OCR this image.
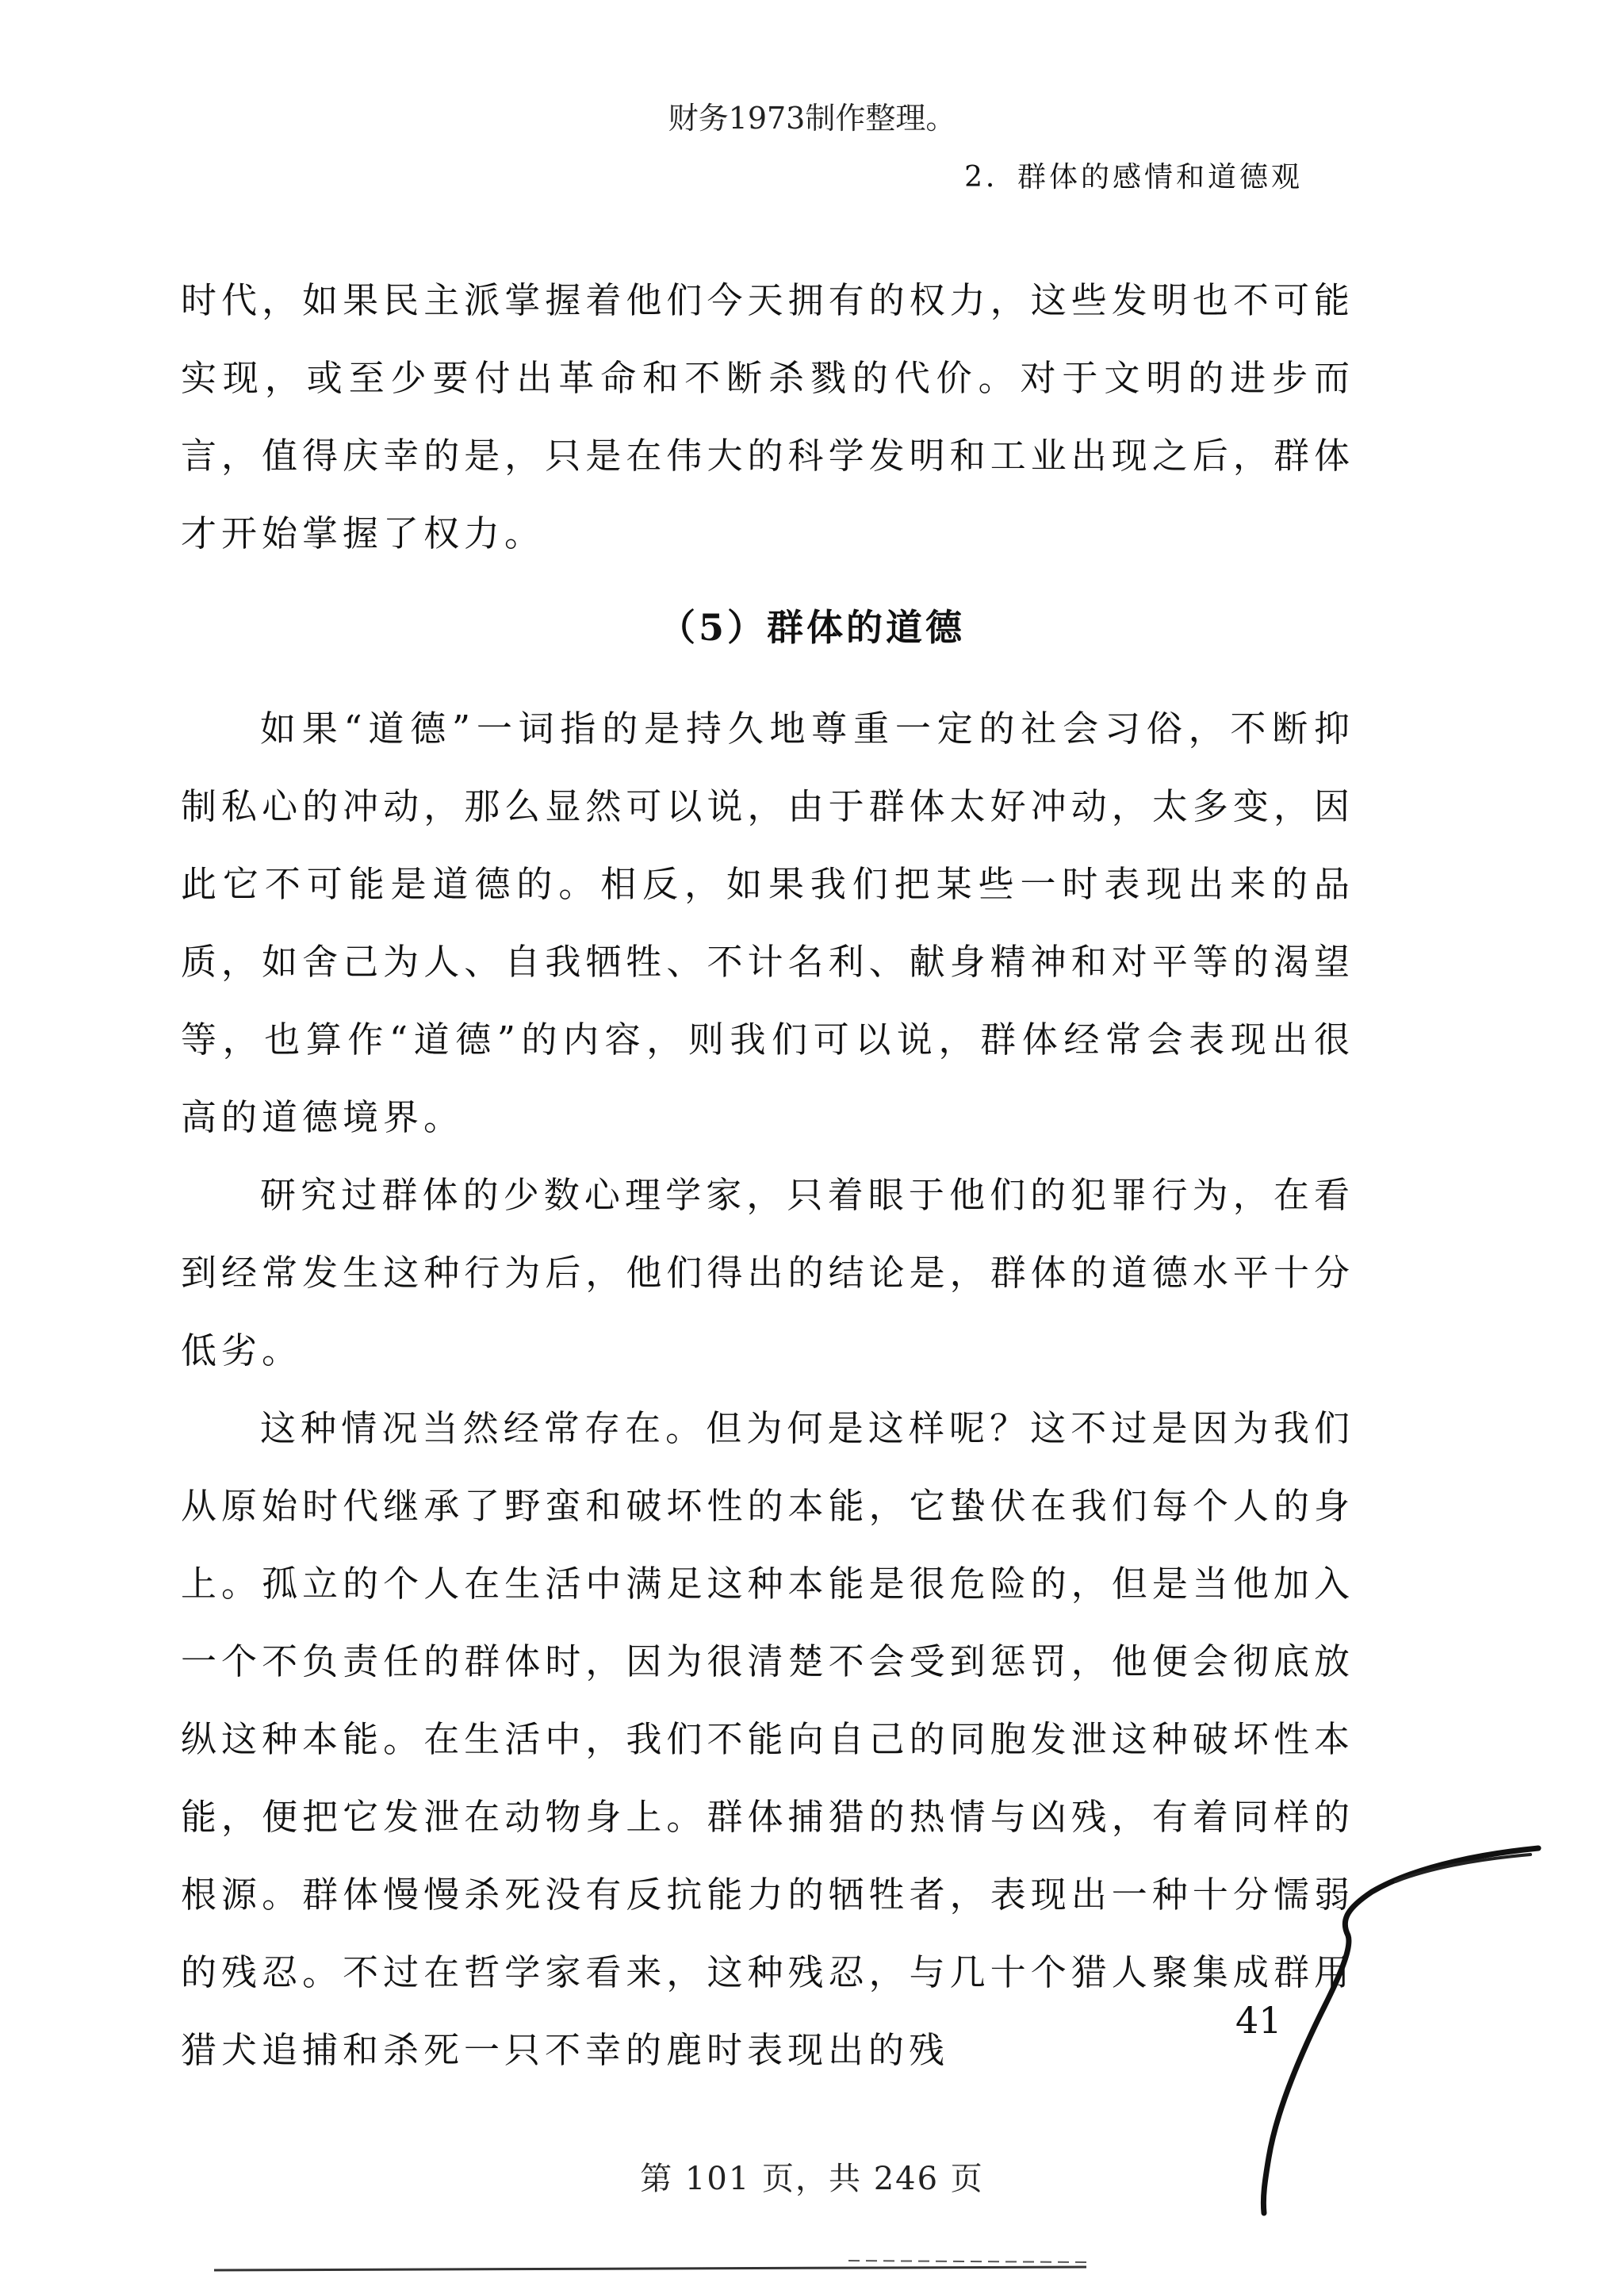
财务1973制作整理。
2．群体的感情和道德观

时代，如果民主派掌握着他们今天拥有的权力，这些发明也不可能实现，或至少要付出革命和不断杀戮的代价。对于文明的进步而言，值得庆幸的是，只是在伟大的科学发明和工业出现之后，群体才开始掌握了权力。

（5）群体的道德

如果“道德”一词指的是持久地尊重一定的社会习俗，不断抑制私心的冲动，那么显然可以说，由于群体太好冲动，太多变，因此它不可能是道德的。相反，如果我们把某些一时表现出来的品质，如舍己为人、自我牺牲、不计名利、献身精神和对平等的渴望等，也算作“道德”的内容，则我们可以说，群体经常会表现出很高的道德境界。

研究过群体的少数心理学家，只着眼于他们的犯罪行为，在看到经常发生这种行为后，他们得出的结论是，群体的道德水平十分低劣。

这种情况当然经常存在。但为何是这样呢？这不过是因为我们从原始时代继承了野蛮和破坏性的本能，它蛰伏在我们每个人的身上。孤立的个人在生活中满足这种本能是很危险的，但是当他加入一个不负责任的群体时，因为很清楚不会受到惩罚，他便会彻底放纵这种本能。在生活中，我们不能向自己的同胞发泄这种破坏性本能，便把它发泄在动物身上。群体捕猎的热情与凶残，有着同样的根源。群体慢慢杀死没有反抗能力的牺牲者，表现出一种十分懦弱的残忍。不过在哲学家看来，这种残忍，与几十个猎人聚集成群用猎犬追捕和杀死一只不幸的鹿时表现出的残

41
第 101 页，共 246 页
